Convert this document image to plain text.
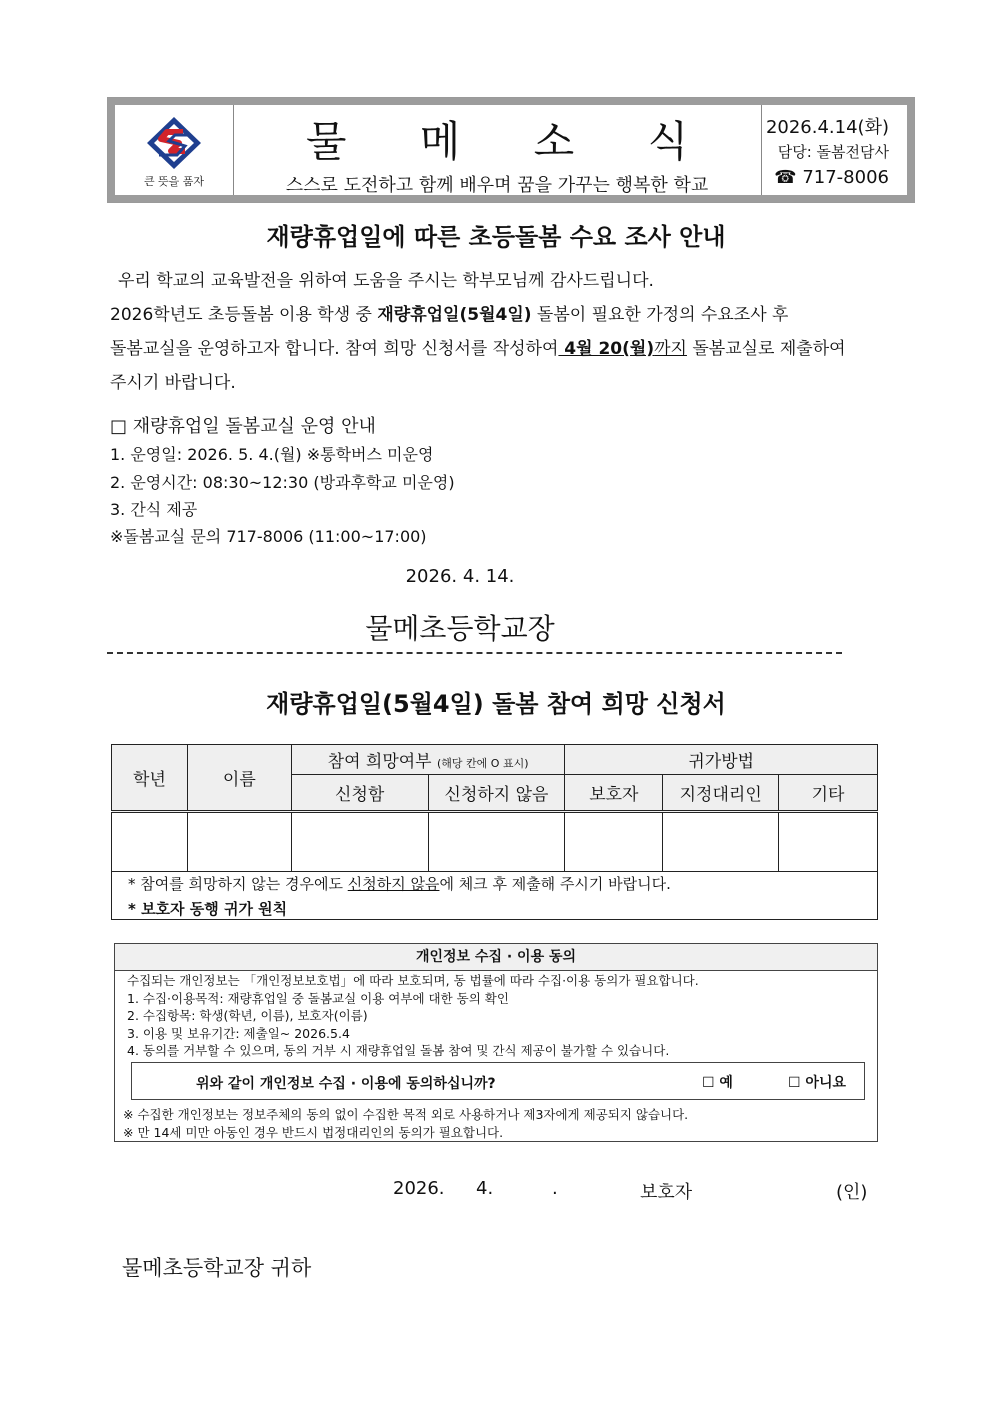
큰 뜻을 품자
물 메 소 식
스스로 도전하고 함께 배우며 꿈을 가꾸는 행복한 학교
2026.4.14(화)
담당: 돌봄전담사
☎ 717-8006
재량휴업일에 따른 초등돌봄 수요 조사 안내
우리 학교의 교육발전을 위하여 도움을 주시는 학부모님께 감사드립니다.
2026학년도 초등돌봄 이용 학생 중 재량휴업일(5월4일) 돌봄이 필요한 가정의 수요조사 후
돌봄교실을 운영하고자 합니다. 참여 희망 신청서를 작성하여 4월 20(월)까지 돌봄교실로 제출하여
주시기 바랍니다.
□ 재량휴업일 돌봄교실 운영 안내
1. 운영일: 2026. 5. 4.(월) ※통학버스 미운영
2. 운영시간: 08:30~12:30 (방과후학교 미운영)
3. 간식 제공
※돌봄교실 문의 717-8006 (11:00~17:00)
2026. 4. 14.
물메초등학교장
재량휴업일(5월4일) 돌봄 참여 희망 신청서
학년	이름	참여 희망여부 (해당 칸에 O 표시)		귀가방법		
		신청함	신청하지 않음	보호자	지정대리인	기타

* 참여를 희망하지 않는 경우에도 신청하지 않음에 체크 후 제출해 주시기 바랍니다.
* 보호자 동행 귀가 원칙						
개인정보 수집 · 이용 동의
수집되는 개인정보는 「개인정보보호법」에 따라 보호되며, 동 법률에 따라 수집·이용 동의가 필요합니다.
1. 수집·이용목적: 재량휴업일 중 돌봄교실 이용 여부에 대한 동의 확인
2. 수집항목: 학생(학년, 이름), 보호자(이름)
3. 이용 및 보유기간: 제출일~ 2026.5.4
4. 동의를 거부할 수 있으며, 동의 거부 시 재량휴업일 돌봄 참여 및 간식 제공이 불가할 수 있습니다.
위와 같이 개인정보 수집 · 이용에 동의하십니까?	☐ 예	☐ 아니요
※ 수집한 개인정보는 정보주체의 동의 없이 수집한 목적 외로 사용하거나 제3자에게 제공되지 않습니다.
※ 만 14세 미만 아동인 경우 반드시 법정대리인의 동의가 필요합니다.
2026. 4.	.	보호자	(인)
물메초등학교장 귀하
